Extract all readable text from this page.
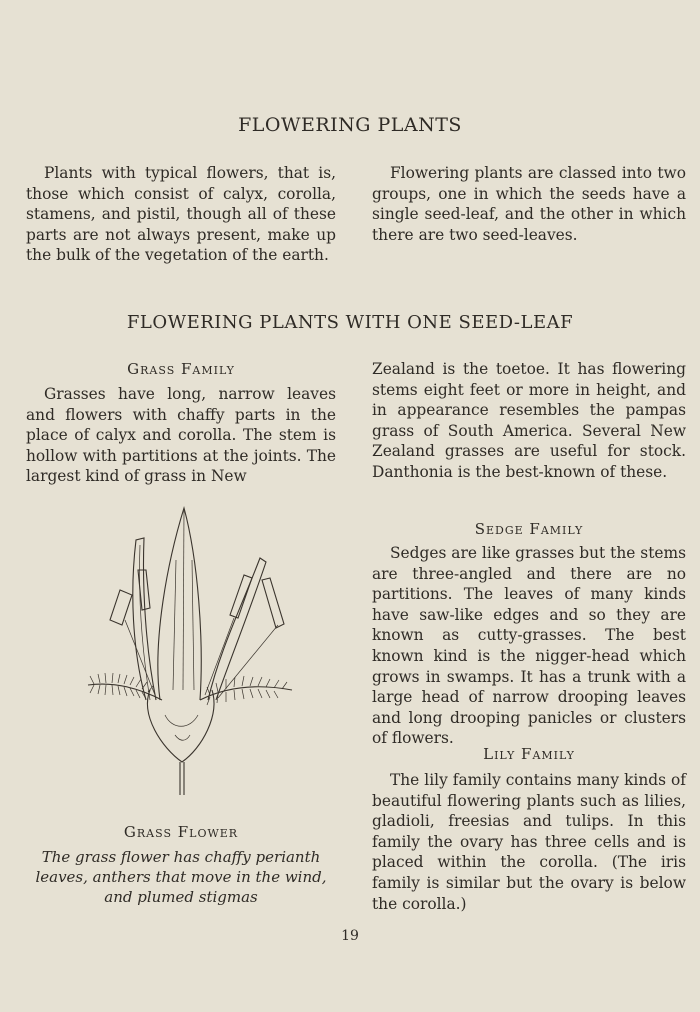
FLOWERING PLANTS
Plants with typical flowers, that is, those which consist of calyx, corolla, stamens, and pistil, though all of these parts are not always present, make up the bulk of the vegetation of the earth.
Flowering plants are classed into two groups, one in which the seeds have a single seed-leaf, and the other in which there are two seed-leaves.
FLOWERING PLANTS WITH ONE SEED-LEAF
Grass Family
Grasses have long, narrow leaves and flowers with chaffy parts in the place of calyx and corolla. The stem is hollow with partitions at the joints. The largest kind of grass in New
Zealand is the toetoe. It has flowering stems eight feet or more in height, and in appearance resembles the pampas grass of South America. Several New Zealand grasses are useful for stock. Danthonia is the best-known of these.
Sedge Family
Sedges are like grasses but the stems are three-angled and there are no partitions. The leaves of many kinds have saw-like edges and so they are known as cutty-grasses. The best known kind is the nigger-head which grows in swamps. It has a trunk with a large head of narrow drooping leaves and long drooping panicles or clusters of flowers.
Lily Family
The lily family contains many kinds of beautiful flowering plants such as lilies, gladioli, freesias and tulips. In this family the ovary has three cells and is placed within the corolla. (The iris family is similar but the ovary is below the corolla.)
Grass Flower
The grass flower has chaffy perianth leaves, anthers that move in the wind, and plumed stigmas
19
